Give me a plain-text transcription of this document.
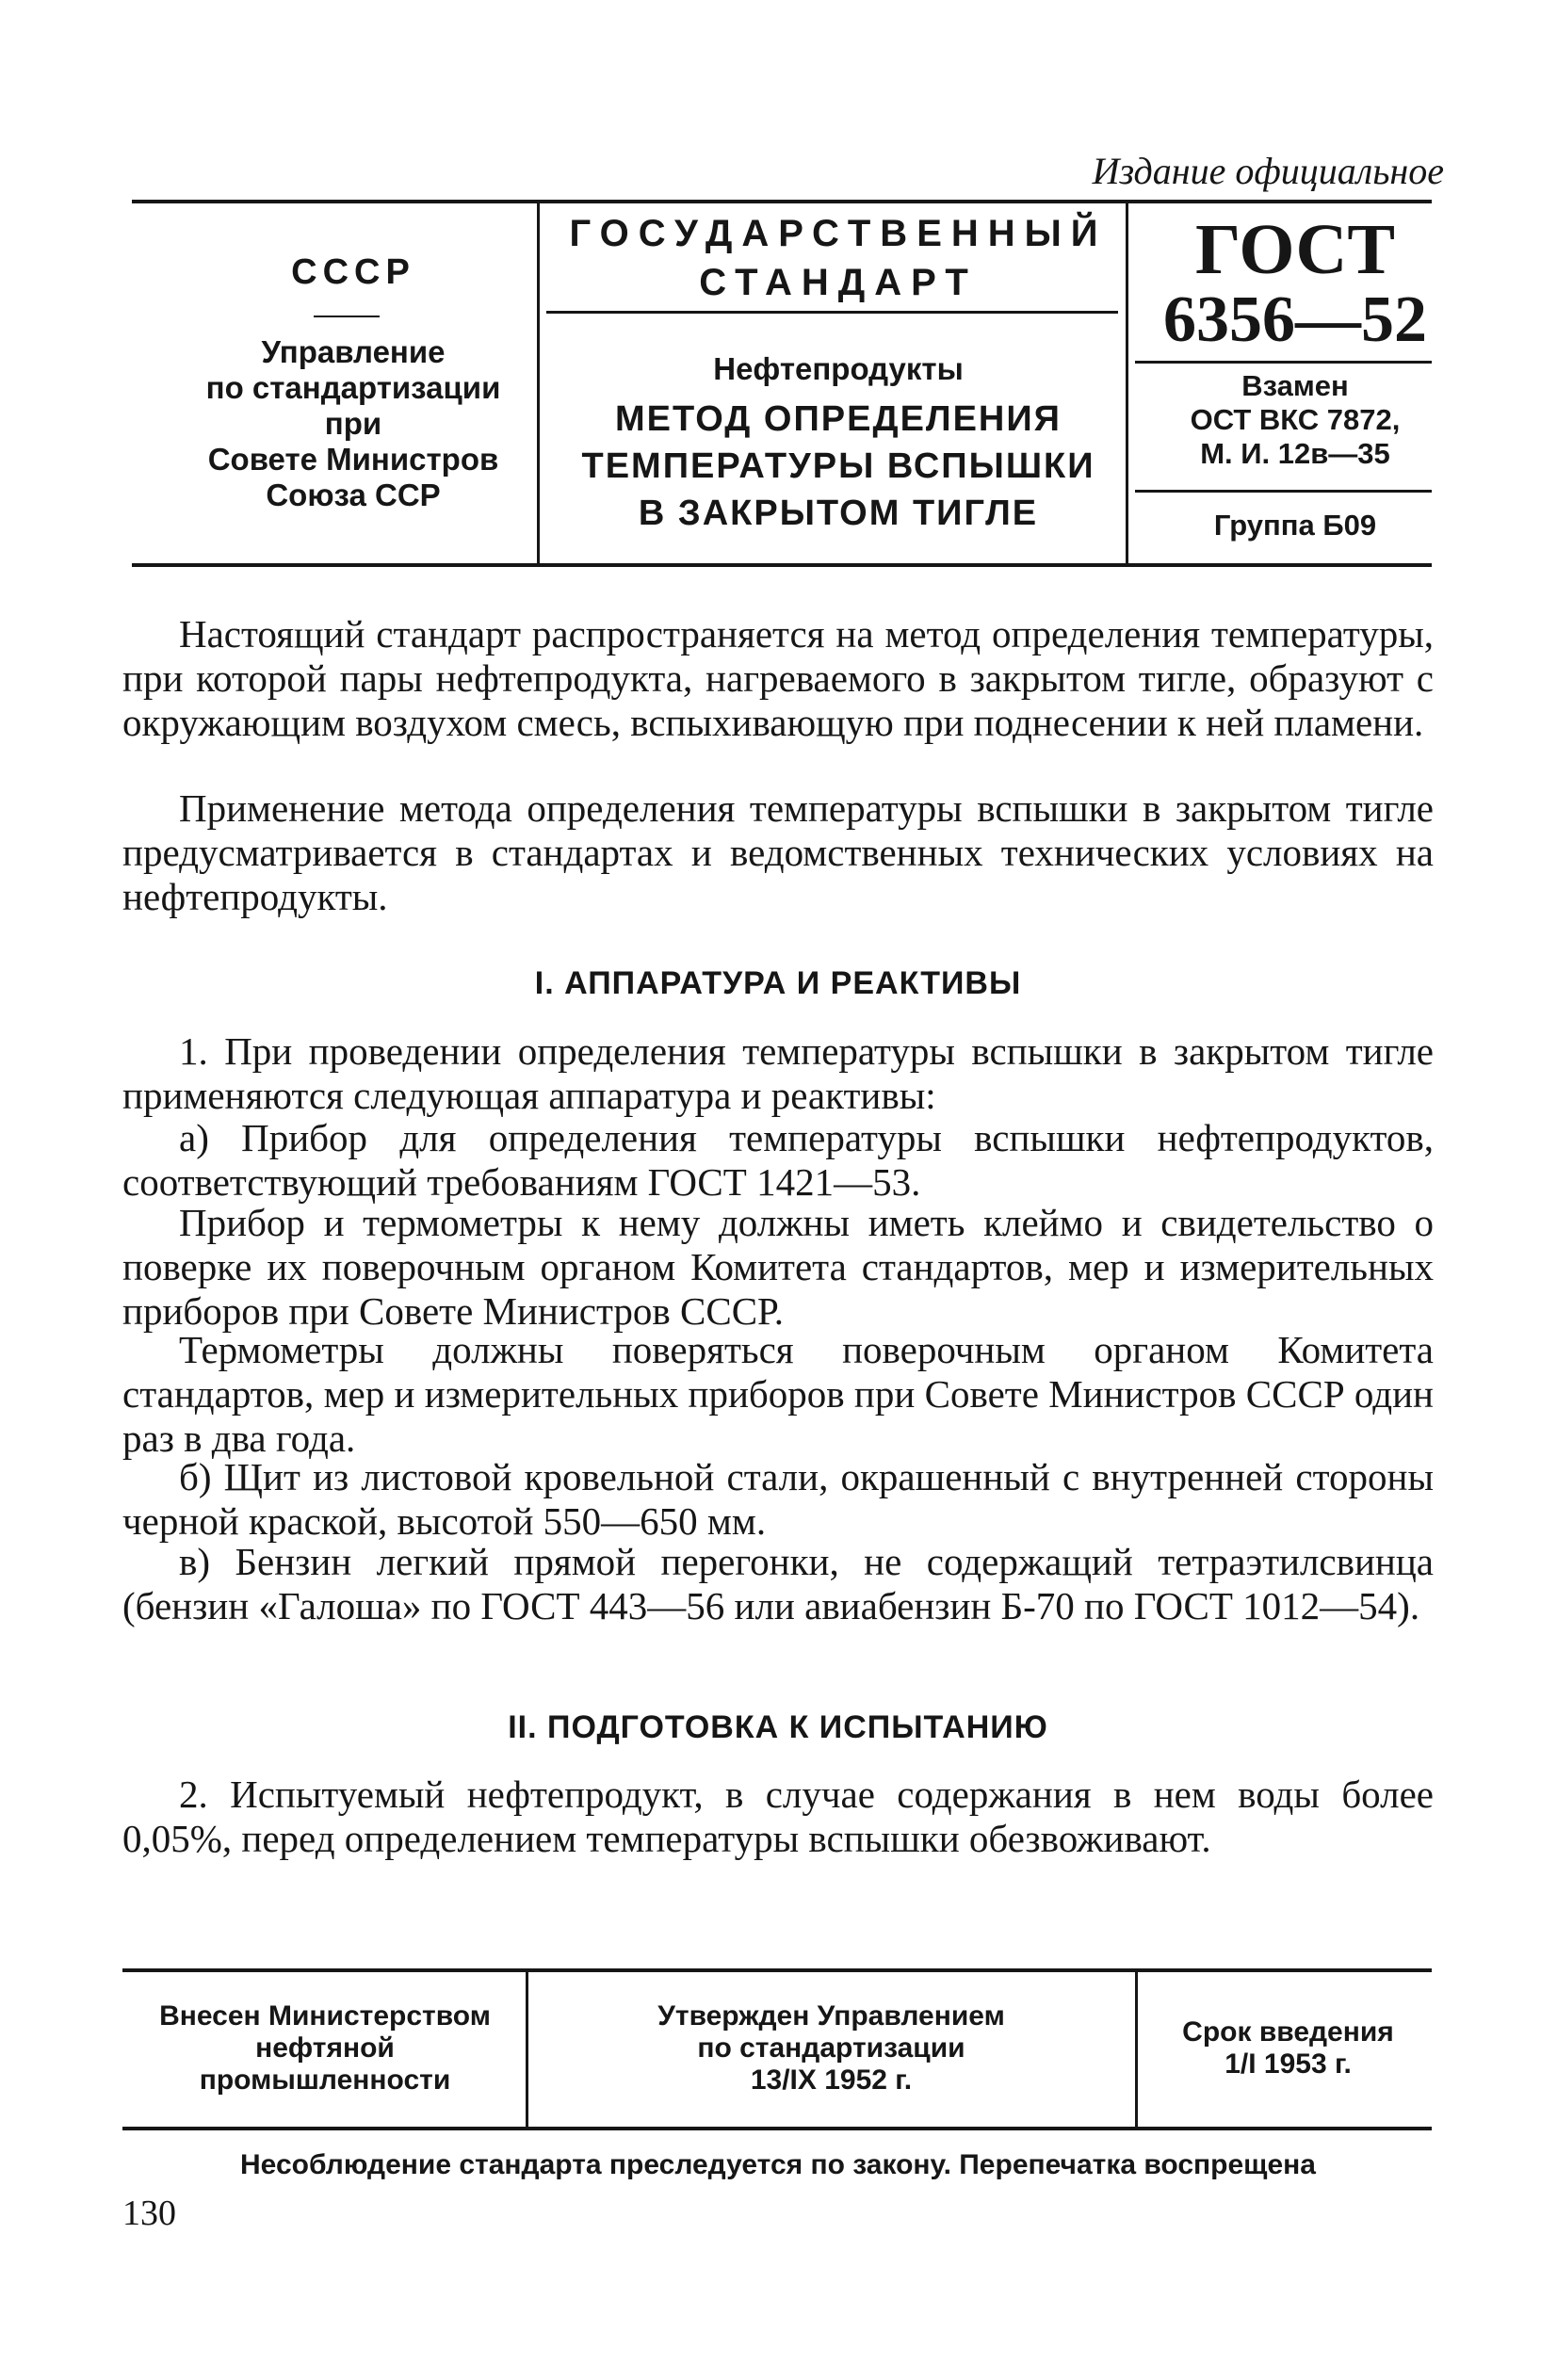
Издание официальное
СССР
Управление
по стандартизации
при
Совете Министров
Союза ССР
ГОСУДАРСТВЕННЫЙ
СТАНДАРТ
Нефтепродукты
МЕТОД ОПРЕДЕЛЕНИЯ
ТЕМПЕРАТУРЫ ВСПЫШКИ
В ЗАКРЫТОМ ТИГЛЕ
ГОСТ
6356—52
Взамен
ОСТ ВКС 7872,
М. И. 12в—35
Группа Б09

Настоящий стандарт распространяется на метод определения температуры, при которой пары нефтепродукта, нагреваемого в закрытом тигле, образуют с окружающим воздухом смесь, вспыхивающую при поднесении к ней пламени.

Применение метода определения температуры вспышки в закрытом тигле предусматривается в стандартах и ведомственных технических условиях на нефтепродукты.

I. АППАРАТУРА И РЕАКТИВЫ

1. При проведении определения температуры вспышки в закрытом тигле применяются следующая аппаратура и реактивы:

а) Прибор для определения температуры вспышки нефтепродуктов, соответствующий требованиям ГОСТ 1421—53.

Прибор и термометры к нему должны иметь клеймо и свидетельство о поверке их поверочным органом Комитета стандартов, мер и измерительных приборов при Совете Министров СССР.

Термометры должны поверяться поверочным органом Комитета стандартов, мер и измерительных приборов при Совете Министров СССР один раз в два года.

б) Щит из листовой кровельной стали, окрашенный с внутренней стороны черной краской, высотой 550—650 мм.

в) Бензин легкий прямой перегонки, не содержащий тетраэтилсвинца (бензин «Галоша» по ГОСТ 443—56 или авиабензин Б-70 по ГОСТ 1012—54).

II. ПОДГОТОВКА К ИСПЫТАНИЮ

2. Испытуемый нефтепродукт, в случае содержания в нем воды более 0,05%, перед определением температуры вспышки обезвоживают.

Внесен Министерством
нефтяной
промышленности
Утвержден Управлением
по стандартизации
13/IX 1952 г.
Срок введения
1/I 1953 г.
Несоблюдение стандарта преследуется по закону. Перепечатка воспрещена
130
